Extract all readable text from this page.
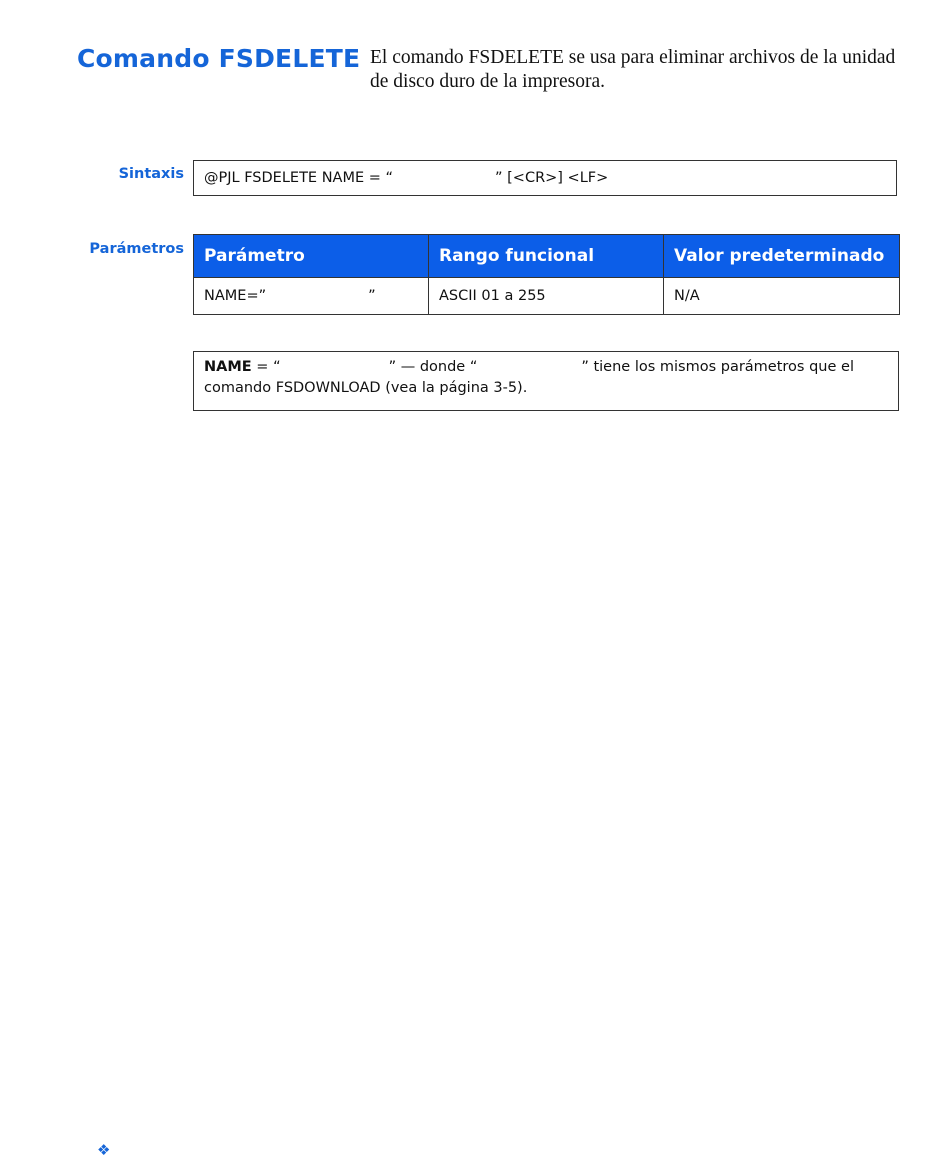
Comando FSDELETE El comando FSDELETE se usa para eliminar archivos de la unidad de disco duro de la impresora.

Sintaxis	@PJL FSDELETE NAME = “	” [<CR>] <LF>
Parámetros Parámetro	Rango funcional	Valor predeterminado
NAME=” ”	ASCII 01 a 255	N/A
NAME = “	” — donde “	” tiene los mismos parámetros que el comando FSDOWNLOAD (vea la página 3-5).
❖
